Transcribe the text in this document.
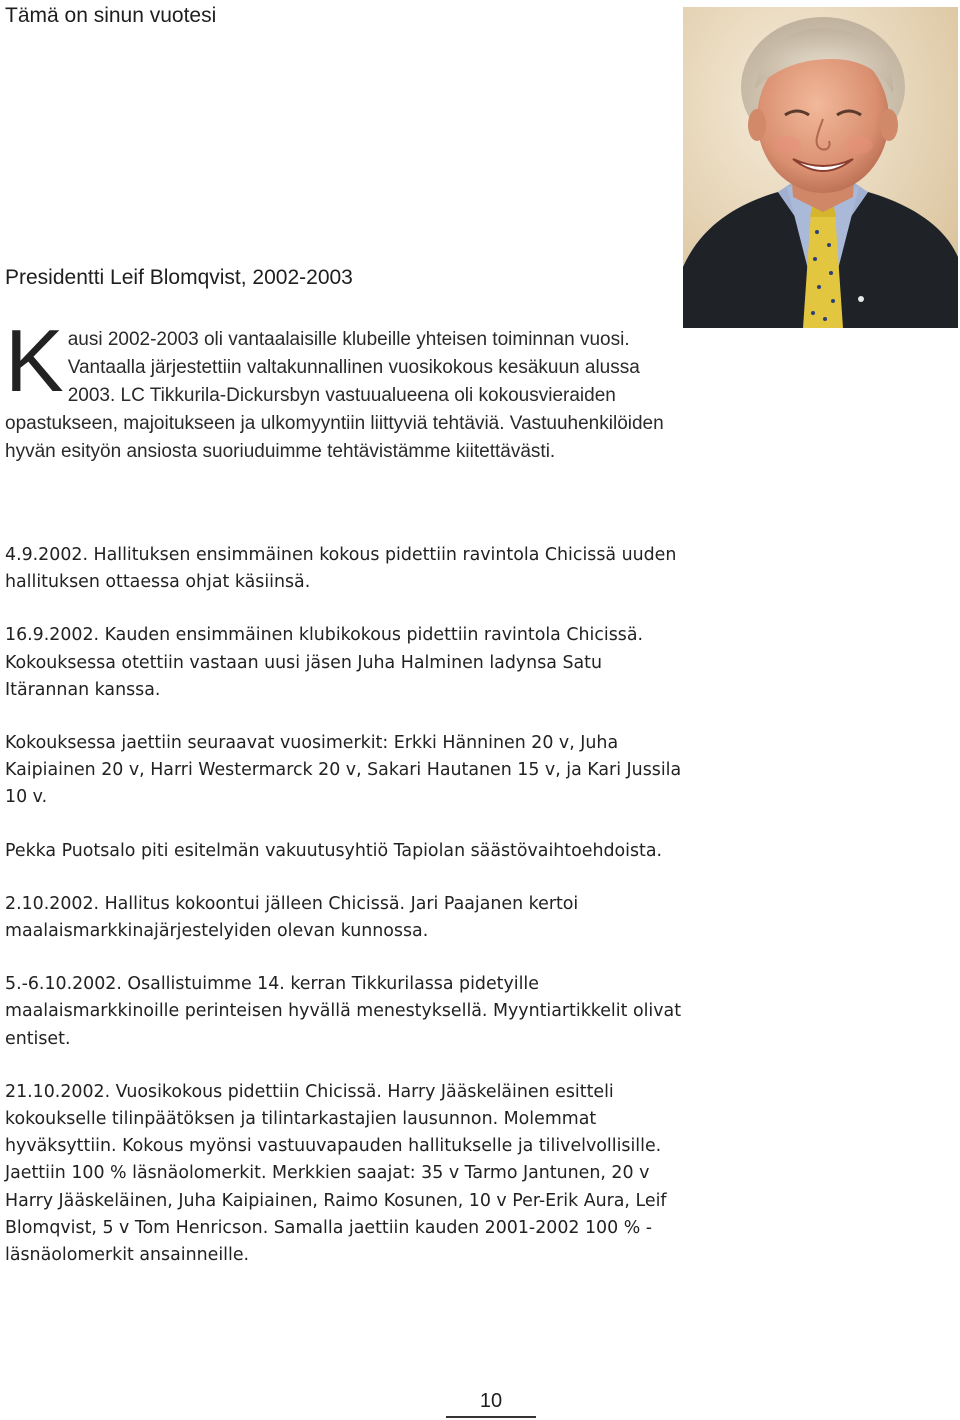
Tämä on sinun vuotesi
Presidentti Leif Blomqvist, 2002-2003
K ausi 2002-2003 oli vantaalaisille klubeille yhteisen toiminnan vuosi. Vantaalla järjestettiin valtakunnallinen vuosikokous kesäkuun alussa 2003. LC Tikkurila-Dickursbyn vastuualueena oli kokousvieraiden opastukseen, majoitukseen ja ulkomyyntiin liittyviä tehtäviä. Vastuuhenkilöiden hyvän esityön ansiosta suoriuduimme tehtävistämme kiitettävästi.

4.9.2002. Hallituksen ensimmäinen kokous pidettiin ravintola Chicissä uuden hallituksen ottaessa ohjat käsiinsä.

16.9.2002. Kauden ensimmäinen klubikokous pidettiin ravintola Chicissä. Kokouksessa otettiin vastaan uusi jäsen Juha Halminen ladynsa Satu Itärannan kanssa.

Kokouksessa jaettiin seuraavat vuosimerkit: Erkki Hänninen 20 v, Juha Kaipiainen 20 v, Harri Westermarck 20 v, Sakari Hautanen 15 v, ja Kari Jussila 10 v.

Pekka Puotsalo piti esitelmän vakuutusyhtiö Tapiolan säästövaihtoehdoista.

2.10.2002. Hallitus kokoontui jälleen Chicissä. Jari Paajanen kertoi maalaismarkkinajärjestelyiden olevan kunnossa.

5.-6.10.2002. Osallistuimme 14. kerran Tikkurilassa pidetyille maalaismarkkinoille perinteisen hyvällä menestyksellä. Myyntiartikkelit olivat entiset.

21.10.2002. Vuosikokous pidettiin Chicissä. Harry Jääskeläinen esitteli kokoukselle tilinpäätöksen ja tilintarkastajien lausunnon. Molemmat hyväksyttiin. Kokous myönsi vastuuvapauden hallitukselle ja tilivelvollisille. Jaettiin 100 % läsnäolomerkit. Merkkien saajat: 35 v Tarmo Jantunen, 20 v Harry Jääskeläinen, Juha Kaipiainen, Raimo Kosunen, 10 v Per-Erik Aura, Leif Blomqvist, 5 v Tom Henricson. Samalla jaettiin kauden 2001-2002 100 % -läsnäolomerkit ansainneille.

10
